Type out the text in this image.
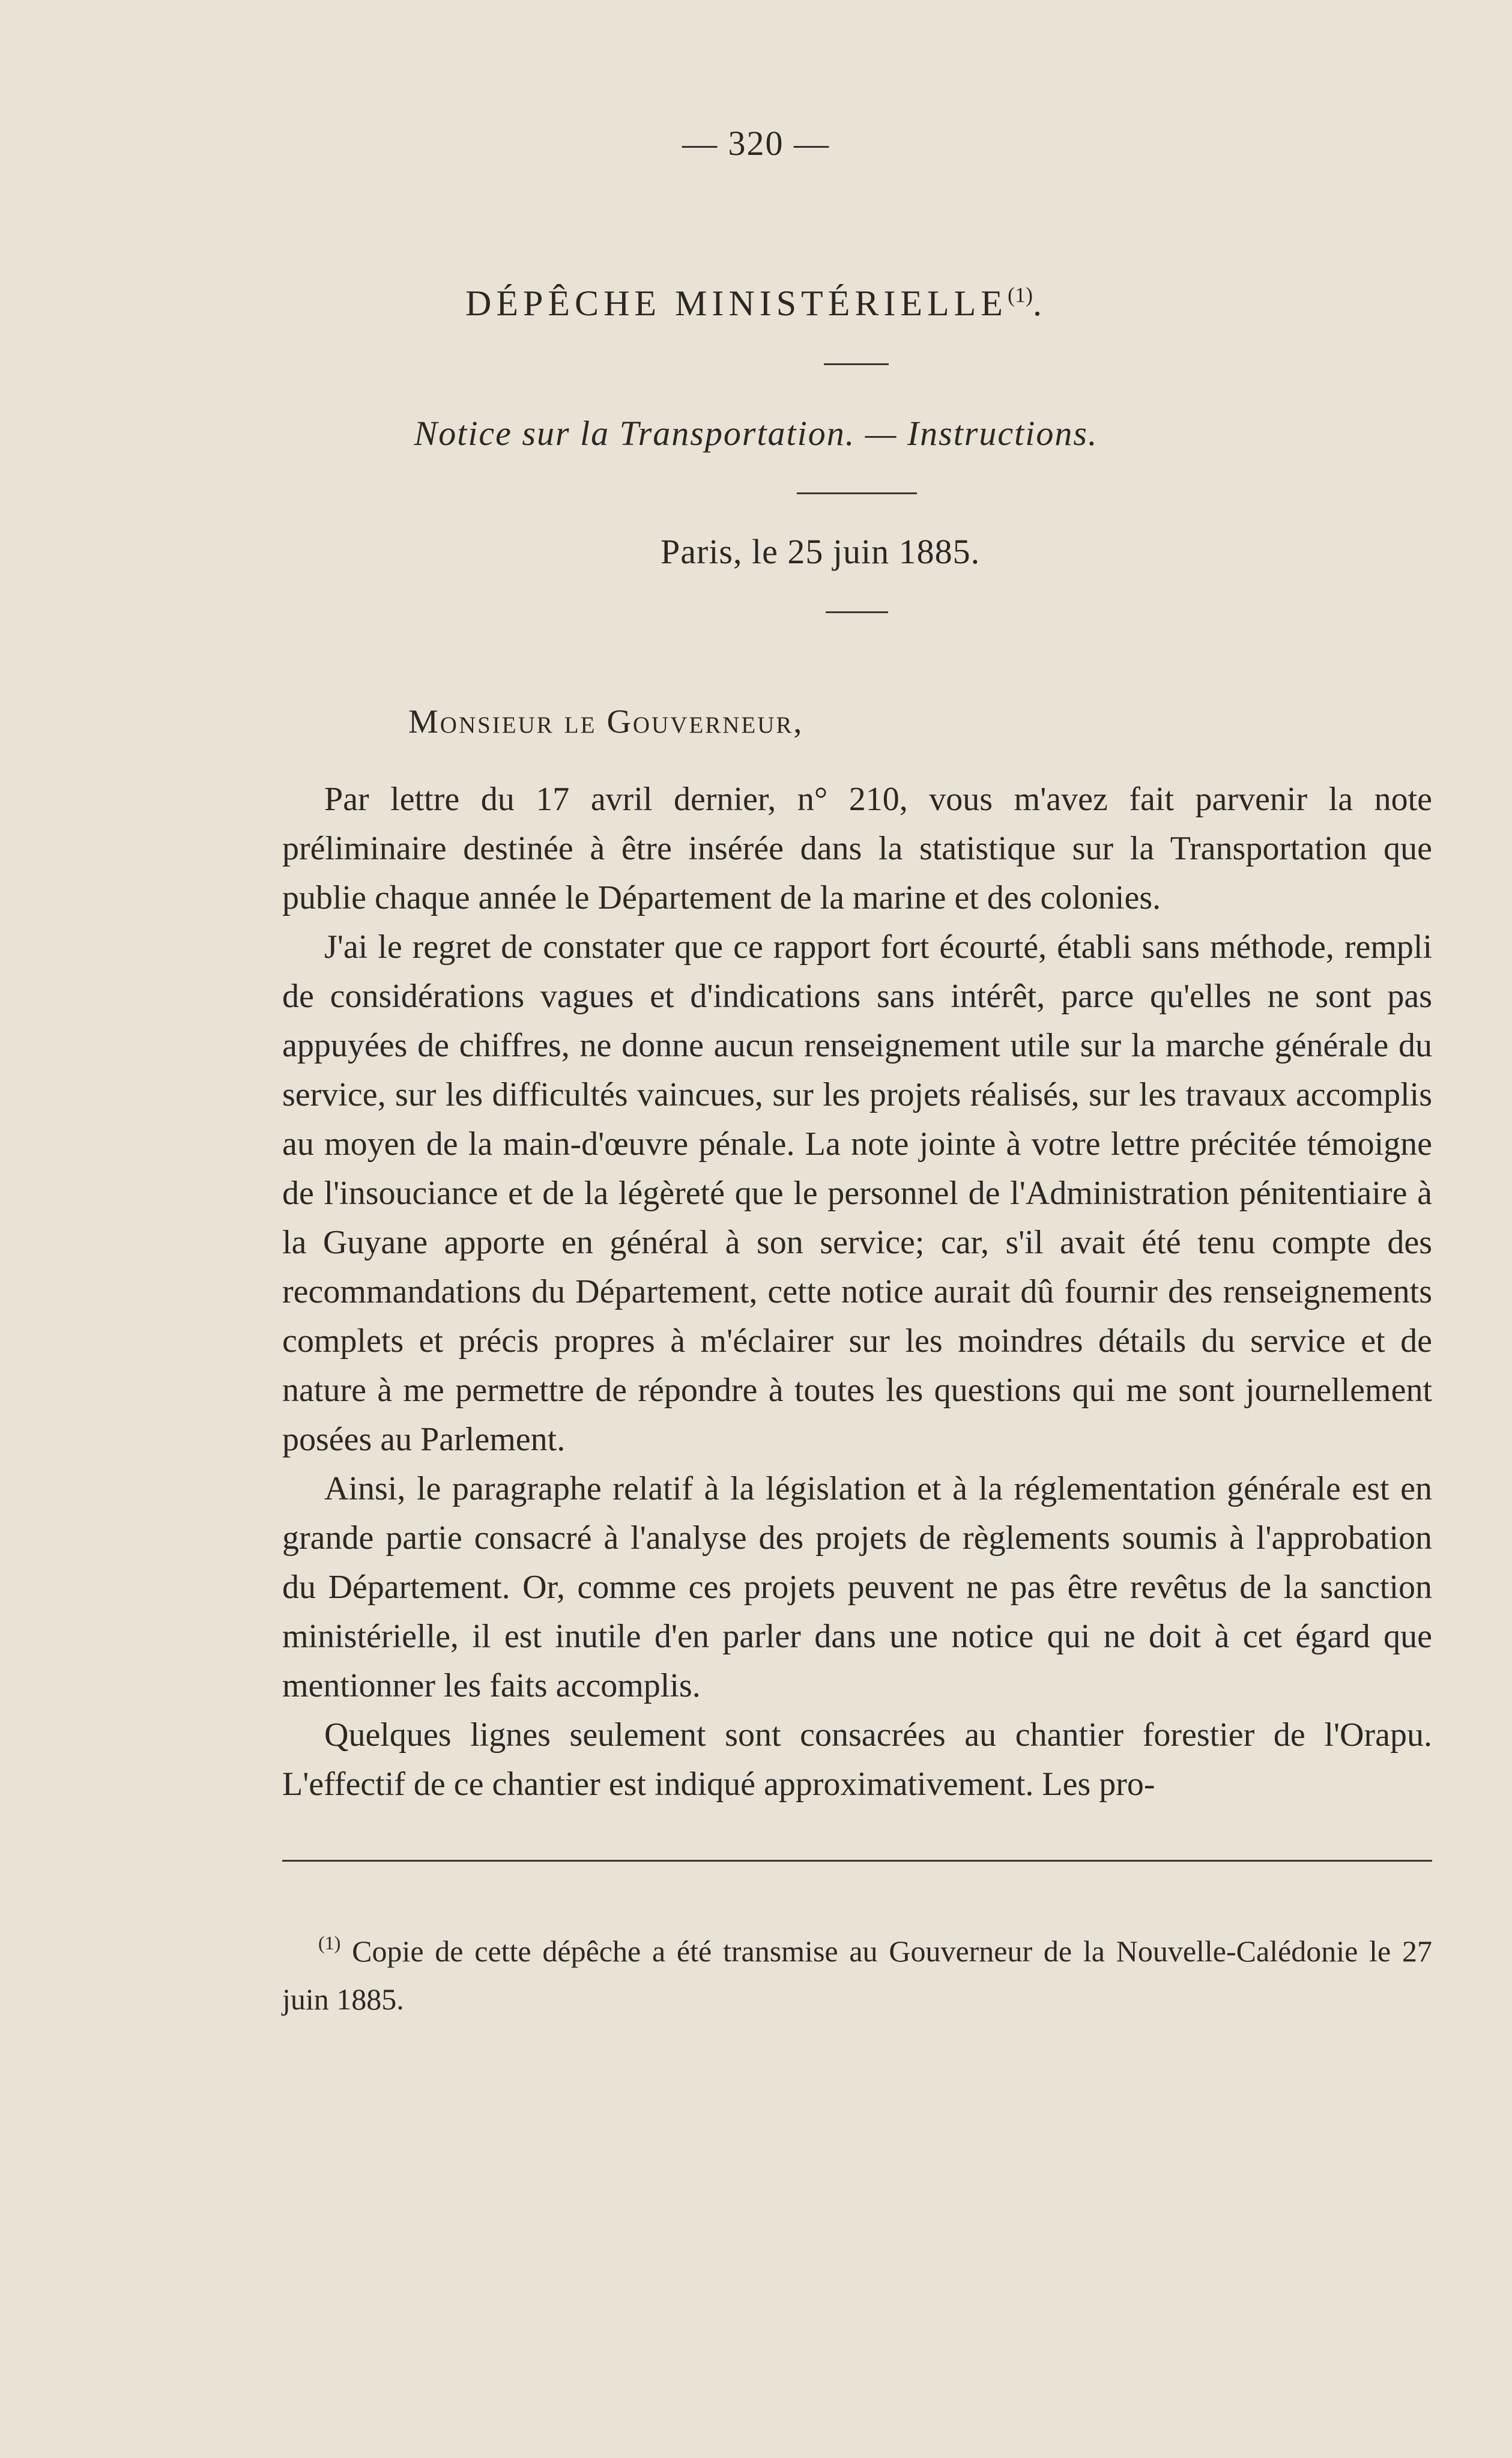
— 320 —
DÉPÊCHE MINISTÉRIELLE$^{(1)}$.
Notice sur la Transportation. — Instructions.
Paris, le 25 juin 1885.
Monsieur le Gouverneur,

Par lettre du 17 avril dernier, n° 210, vous m'avez fait parvenir la note préliminaire destinée à être insérée dans la statistique sur la Transportation que publie chaque année le Département de la marine et des colonies.

J'ai le regret de constater que ce rapport fort écourté, établi sans méthode, rempli de considérations vagues et d'indications sans intérêt, parce qu'elles ne sont pas appuyées de chiffres, ne donne aucun renseignement utile sur la marche générale du service, sur les difficultés vaincues, sur les projets réalisés, sur les travaux accomplis au moyen de la main-d'œuvre pénale. La note jointe à votre lettre précitée témoigne de l'insouciance et de la légèreté que le personnel de l'Administration pénitentiaire à la Guyane apporte en général à son service; car, s'il avait été tenu compte des recommandations du Département, cette notice aurait dû fournir des renseignements complets et précis propres à m'éclairer sur les moindres détails du service et de nature à me permettre de répondre à toutes les questions qui me sont journellement posées au Parlement.

Ainsi, le paragraphe relatif à la législation et à la réglementation générale est en grande partie consacré à l'analyse des projets de règlements soumis à l'approbation du Département. Or, comme ces projets peuvent ne pas être revêtus de la sanction ministérielle, il est inutile d'en parler dans une notice qui ne doit à cet égard que mentionner les faits accomplis.

Quelques lignes seulement sont consacrées au chantier forestier de l'Orapu. L'effectif de ce chantier est indiqué approximativement. Les pro-

$^{(1)}$ Copie de cette dépêche a été transmise au Gouverneur de la Nouvelle-Calédonie le 27 juin 1885.
